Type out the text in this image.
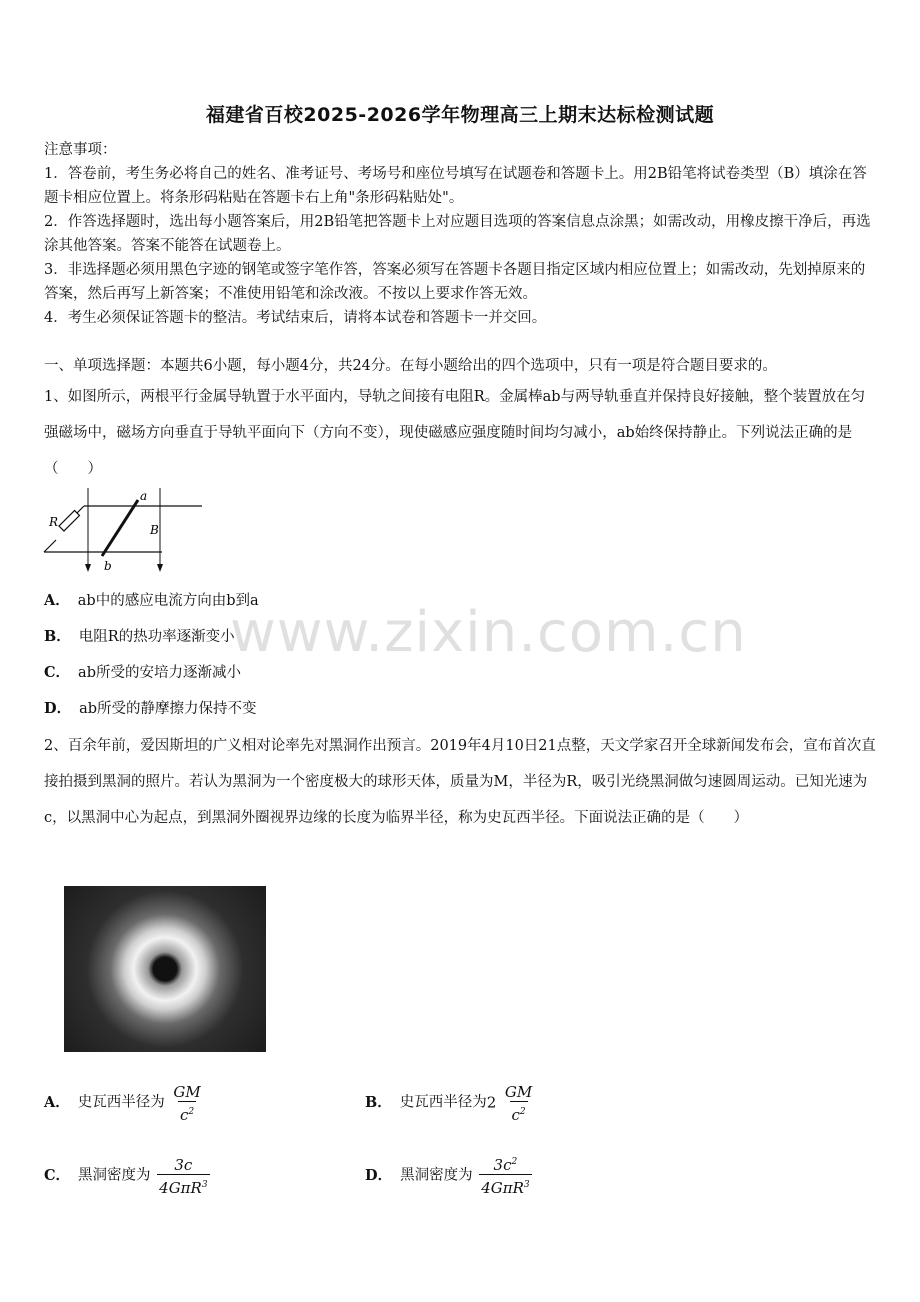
福建省百校2025-2026学年物理高三上期末达标检测试题
注意事项：
1．答卷前，考生务必将自己的姓名、准考证号、考场号和座位号填写在试题卷和答题卡上。用2B铅笔将试卷类型（B）填涂在答题卡相应位置上。将条形码粘贴在答题卡右上角"条形码粘贴处"。
2．作答选择题时，选出每小题答案后，用2B铅笔把答题卡上对应题目选项的答案信息点涂黑；如需改动，用橡皮擦干净后，再选涂其他答案。答案不能答在试题卷上。
3．非选择题必须用黑色字迹的钢笔或签字笔作答，答案必须写在答题卡各题目指定区域内相应位置上；如需改动，先划掉原来的答案，然后再写上新答案；不准使用铅笔和涂改液。不按以上要求作答无效。
4．考生必须保证答题卡的整洁。考试结束后，请将本试卷和答题卡一并交回。
一、单项选择题：本题共6小题，每小题4分，共24分。在每小题给出的四个选项中，只有一项是符合题目要求的。
1、如图所示，两根平行金属导轨置于水平面内，导轨之间接有电阻R。金属棒ab与两导轨垂直并保持良好接触，整个装置放在匀强磁场中，磁场方向垂直于导轨平面向下（方向不变），现使磁感应强度随时间均匀减小，ab始终保持静止。下列说法正确的是（　　）
R
a
b
B
A． ab中的感应电流方向由b到a
B． 电阻R的热功率逐渐变小
C． ab所受的安培力逐渐减小
D． ab所受的静摩擦力保持不变
2、百余年前，爱因斯坦的广义相对论率先对黑洞作出预言。2019年4月10日21点整，天文学家召开全球新闻发布会，宣布首次直接拍摄到黑洞的照片。若认为黑洞为一个密度极大的球形天体，质量为M，半径为R，吸引光绕黑洞做匀速圆周运动。已知光速为c，以黑洞中心为起点，到黑洞外圈视界边缘的长度为临界半径，称为史瓦西半径。下面说法正确的是（　　）
A． 史瓦西半径为 $\frac{GM}{c^2}$	B． 史瓦西半径为$2 \frac{GM}{c^2}$
C． 黑洞密度为 $\frac{3c}{4G\pi R^3}$	D． 黑洞密度为 $\frac{3c^2}{4G\pi R^3}$
www.zixin.com.cn
